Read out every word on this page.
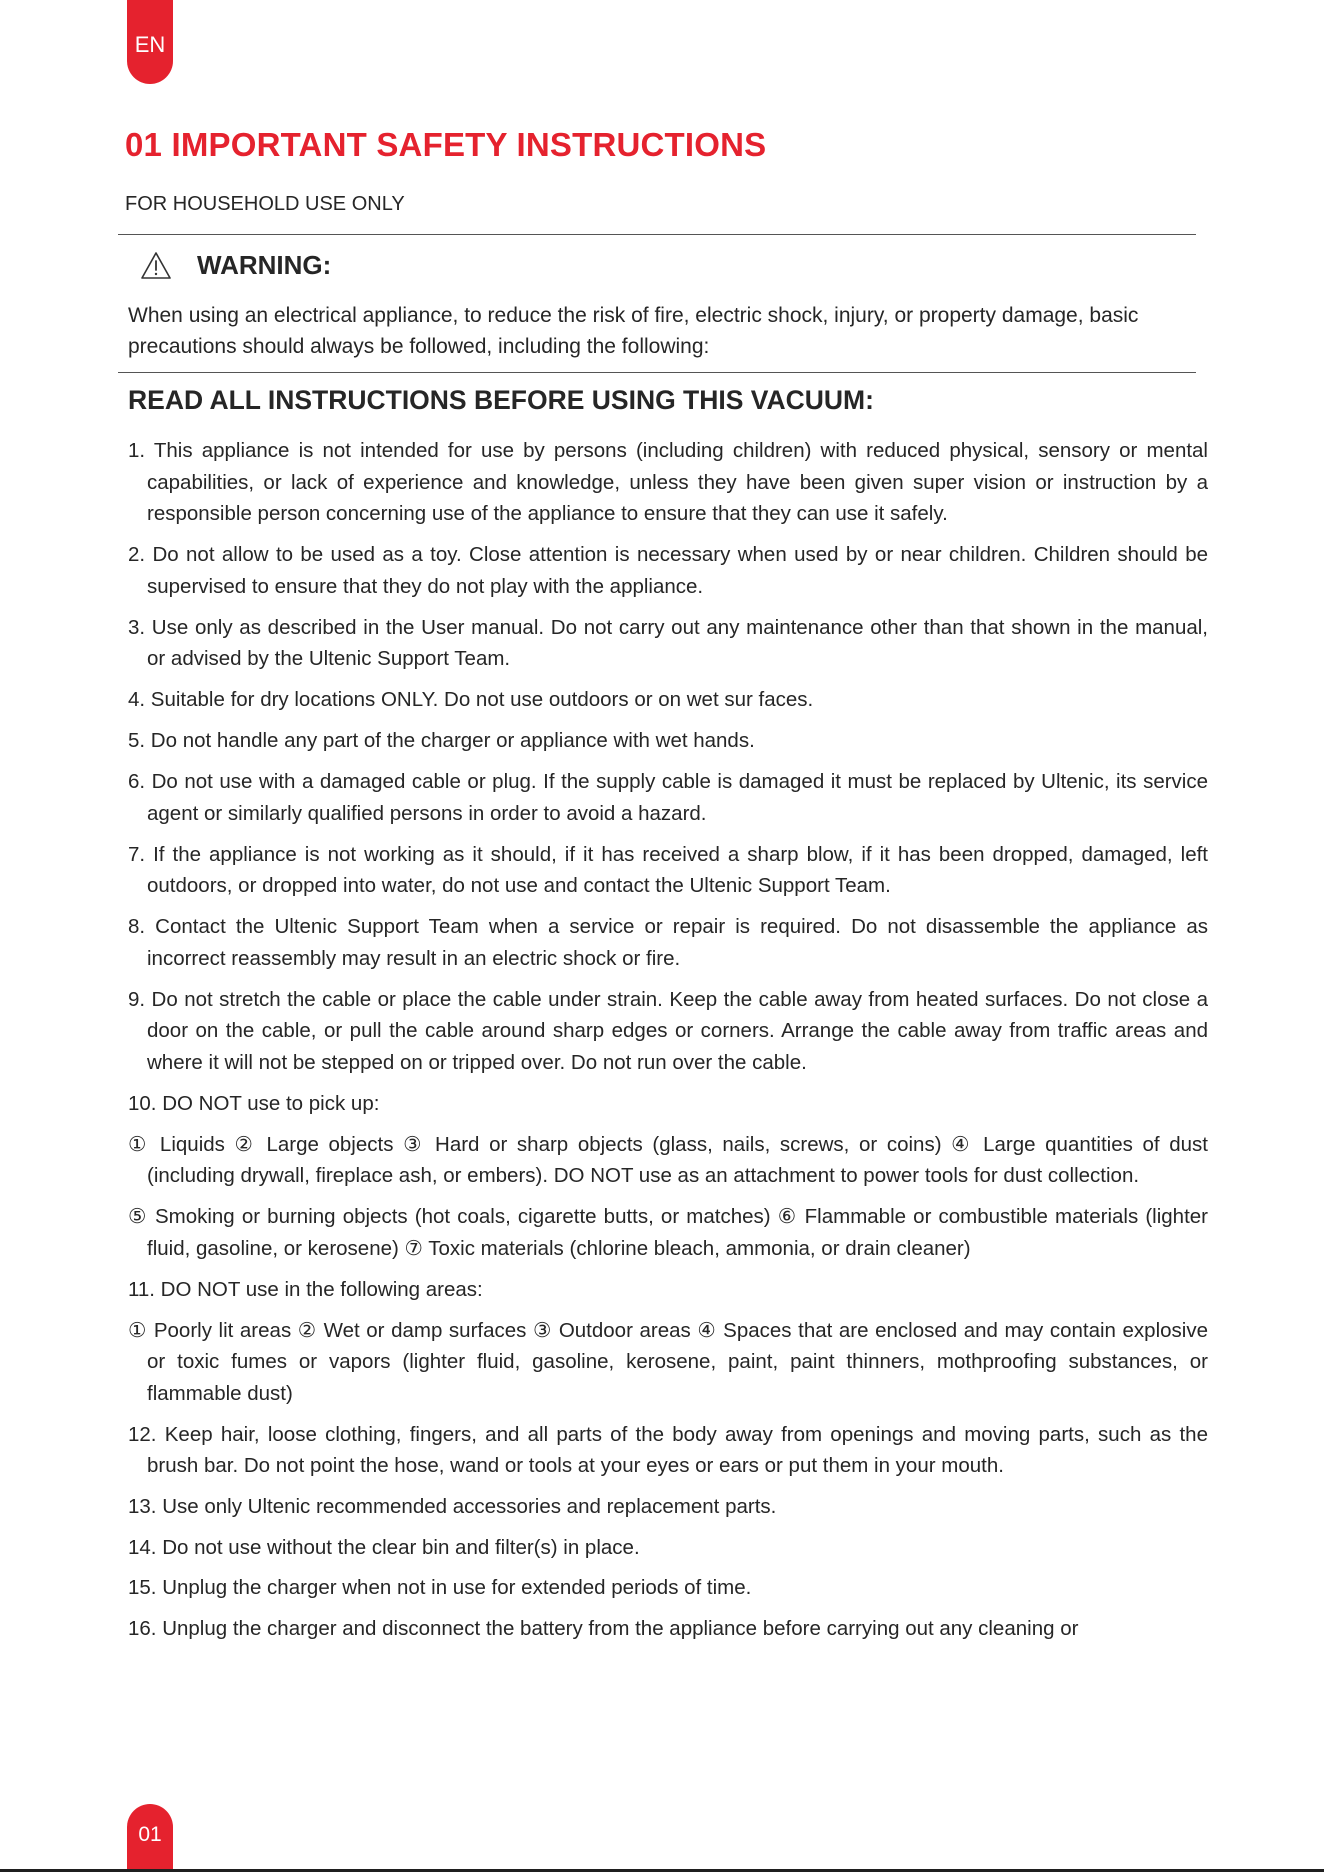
EN
01 IMPORTANT SAFETY INSTRUCTIONS
FOR HOUSEHOLD USE ONLY
WARNING:
When using an electrical appliance, to reduce the risk of fire, electric shock, injury, or property damage, basic precautions should always be followed, including the following:
READ ALL INSTRUCTIONS BEFORE USING THIS VACUUM:
1. This appliance is not intended for use by persons (including children) with reduced physical, sensory or mental capabilities, or lack of experience and knowledge, unless they have been given super vision or instruction by a responsible person concerning use of the appliance to ensure that they can use it safely.
2. Do not allow to be used as a toy. Close attention is necessary when used by or near children. Children should be supervised to ensure that they do not play with the appliance.
3. Use only as described in the User manual. Do not carry out any maintenance other than that shown in the manual, or advised by the Ultenic Support Team.
4. Suitable for dry locations ONLY. Do not use outdoors or on wet sur faces.
5. Do not handle any part of the charger or appliance with wet hands.
6. Do not use with a damaged cable or plug. If the supply cable is damaged it must be replaced by Ultenic, its service agent or similarly qualified persons in order to avoid a hazard.
7. If the appliance is not working as it should, if it has received a sharp blow, if it has been dropped, damaged, left outdoors, or dropped into water, do not use and contact the Ultenic Support Team.
8. Contact the Ultenic Support Team when a service or repair is required. Do not disassemble the appliance as incorrect reassembly may result in an electric shock or fire.
9. Do not stretch the cable or place the cable under strain. Keep the cable away from heated surfaces. Do not close a door on the cable, or pull the cable around sharp edges or corners. Arrange the cable away from traffic areas and where it will not be stepped on or tripped over. Do not run over the cable.
10. DO NOT use to pick up:
① Liquids ② Large objects ③ Hard or sharp objects (glass, nails, screws, or coins) ④ Large quantities of dust (including drywall, fireplace ash, or embers). DO NOT use as an attachment to power tools for dust collection.
⑤ Smoking or burning objects (hot coals, cigarette butts, or matches) ⑥ Flammable or combustible materials (lighter fluid, gasoline, or kerosene) ⑦ Toxic materials (chlorine bleach, ammonia, or drain cleaner)
11. DO NOT use in the following areas:
① Poorly lit areas ② Wet or damp surfaces ③ Outdoor areas ④ Spaces that are enclosed and may contain explosive or toxic fumes or vapors (lighter fluid, gasoline, kerosene, paint, paint thinners, mothproofing substances, or flammable dust)
12. Keep hair, loose clothing, fingers, and all parts of the body away from openings and moving parts, such as the brush bar. Do not point the hose, wand or tools at your eyes or ears or put them in your mouth.
13. Use only Ultenic recommended accessories and replacement parts.
14. Do not use without the clear bin and filter(s) in place.
15. Unplug the charger when not in use for extended periods of time.
16. Unplug the charger and disconnect the battery from the appliance before carrying out any cleaning or
01
